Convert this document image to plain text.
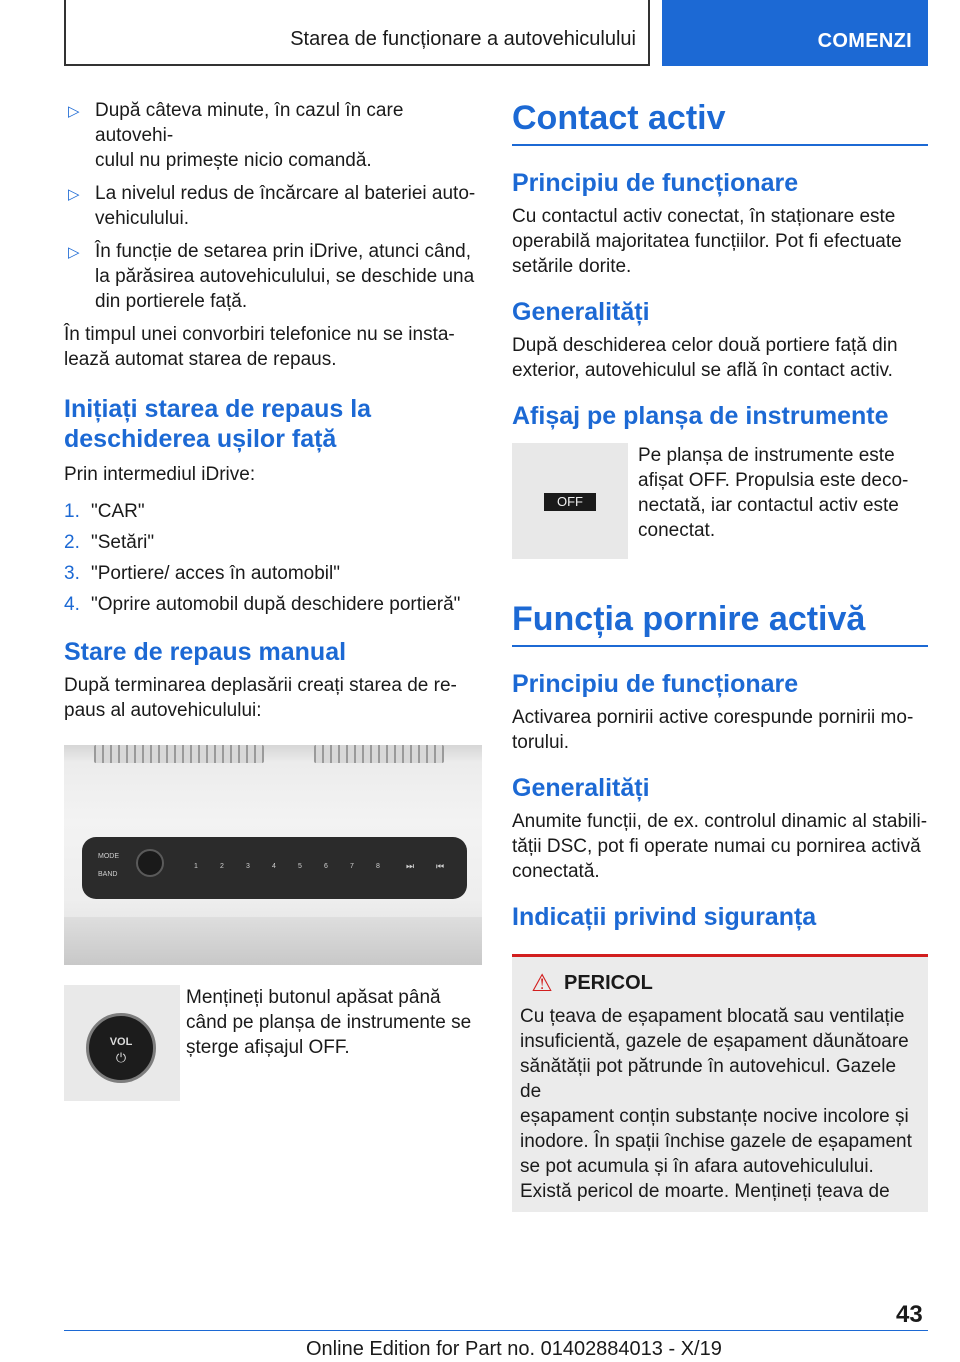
Starea de funcționare a autovehiculului	COMENZI
▷ După câteva minute, în cazul în care autovehi-
culul nu primește nicio comandă.
▷ La nivelul redus de încărcare al bateriei auto-
vehiculului.
▷ În funcție de setarea prin iDrive, atunci când,
la părăsirea autovehiculului, se deschide una
din portierele față.

În timpul unei convorbiri telefonice nu se insta-
lează automat starea de repaus.

Inițiați starea de repaus la
deschiderea ușilor față

Prin intermediul iDrive:

1. "CAR"
2. "Setări"
3. "Portiere/ acces în automobil"
4. "Oprire automobil după deschidere portieră"
Stare de repaus manual

După terminarea deplasării creați starea de re-
paus al autovehiculului:

MODE
BAND
1	2	3	4	5	6	7	8	⏭ ⏮
VOL
⏻

Mențineți butonul apăsat până
când pe planșa de instrumente se
șterge afișajul OFF.

Contact activ
Principiu de funcționare

Cu contactul activ conectat, în staționare este
operabilă majoritatea funcțiilor. Pot fi efectuate
setările dorite.

Generalități

După deschiderea celor două portiere față din
exterior, autovehiculul se află în contact activ.

Afișaj pe planșa de instrumente
OFF

Pe planșa de instrumente este
afișat OFF. Propulsia este deco-
nectată, iar contactul activ este
conectat.

Funcția pornire activă
Principiu de funcționare

Activarea pornirii active corespunde pornirii mo-
torului.

Generalități

Anumite funcții, de ex. controlul dinamic al stabili-
tății DSC, pot fi operate numai cu pornirea activă
conectată.

Indicații privind siguranța
⚠ PERICOL

Cu țeava de eșapament blocată sau ventilație
insuficientă, gazele de eșapament dăunătoare
sănătății pot pătrunde în autovehicul. Gazele de
eșapament conțin substanțe nocive incolore și
inodore. În spații închise gazele de eșapament
se pot acumula și în afara autovehiculului.
Există pericol de moarte. Mențineți țeava de

43
Online Edition for Part no. 01402884013 - X/19
